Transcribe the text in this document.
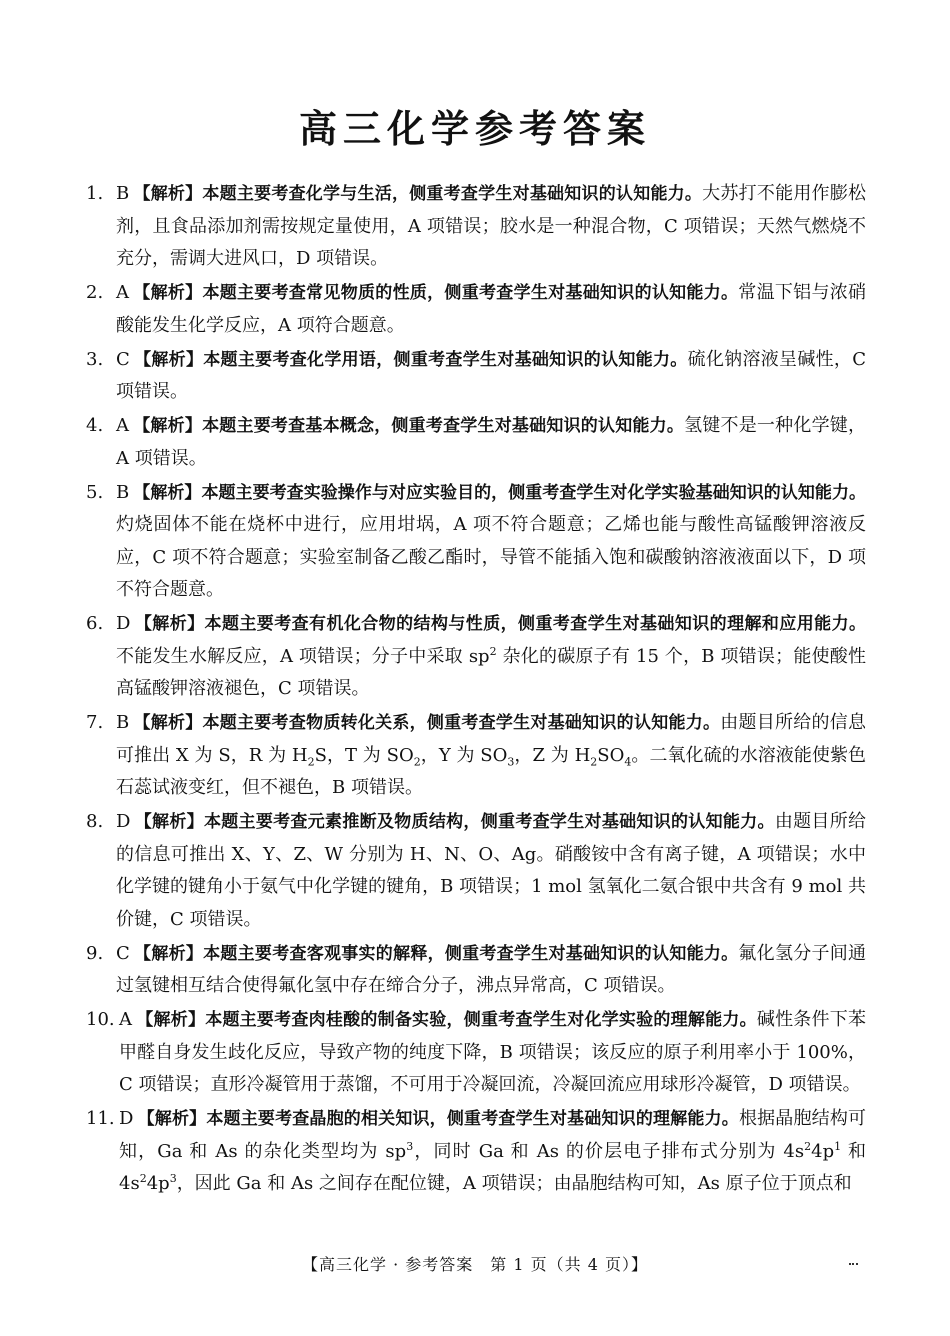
高三化学参考答案
1. B 【解析】本题主要考查化学与生活，侧重考查学生对基础知识的认知能力。大苏打不能用作膨松剂，且食品添加剂需按规定量使用，A 项错误；胶水是一种混合物，C 项错误；天然气燃烧不充分，需调大进风口，D 项错误。
2. A 【解析】本题主要考查常见物质的性质，侧重考查学生对基础知识的认知能力。常温下铝与浓硝酸能发生化学反应，A 项符合题意。
3. C 【解析】本题主要考查化学用语，侧重考查学生对基础知识的认知能力。硫化钠溶液呈碱性，C 项错误。
4. A 【解析】本题主要考查基本概念，侧重考查学生对基础知识的认知能力。氢键不是一种化学键，A 项错误。
5. B 【解析】本题主要考查实验操作与对应实验目的，侧重考查学生对化学实验基础知识的认知能力。灼烧固体不能在烧杯中进行，应用坩埚，A 项不符合题意；乙烯也能与酸性高锰酸钾溶液反应，C 项不符合题意；实验室制备乙酸乙酯时，导管不能插入饱和碳酸钠溶液液面以下，D 项不符合题意。
6. D 【解析】本题主要考查有机化合物的结构与性质，侧重考查学生对基础知识的理解和应用能力。不能发生水解反应，A 项错误；分子中采取 $sp^2$ 杂化的碳原子有 15 个，B 项错误；能使酸性高锰酸钾溶液褪色，C 项错误。
7. B 【解析】本题主要考查物质转化关系，侧重考查学生对基础知识的认知能力。由题目所给的信息可推出 X 为 S，R 为 $H_2S$，T 为 $SO_2$，Y 为 $SO_3$，Z 为 $H_2SO_4$。二氧化硫的水溶液能使紫色石蕊试液变红，但不褪色，B 项错误。
8. D 【解析】本题主要考查元素推断及物质结构，侧重考查学生对基础知识的认知能力。由题目所给的信息可推出 X、Y、Z、W 分别为 H、N、O、Ag。硝酸铵中含有离子键，A 项错误；水中化学键的键角小于氨气中化学键的键角，B 项错误；1 mol 氢氧化二氨合银中共含有 9 mol 共价键，C 项错误。
9. C 【解析】本题主要考查客观事实的解释，侧重考查学生对基础知识的认知能力。氟化氢分子间通过氢键相互结合使得氟化氢中存在缔合分子，沸点异常高，C 项错误。
10. A 【解析】本题主要考查肉桂酸的制备实验，侧重考查学生对化学实验的理解能力。碱性条件下苯甲醛自身发生歧化反应，导致产物的纯度下降，B 项错误；该反应的原子利用率小于 100%，C 项错误；直形冷凝管用于蒸馏，不可用于冷凝回流，冷凝回流应用球形冷凝管，D 项错误。
11. D 【解析】本题主要考查晶胞的相关知识，侧重考查学生对基础知识的理解能力。根据晶胞结构可知，Ga 和 As 的杂化类型均为 $sp^3$，同时 Ga 和 As 的价层电子排布式分别为 $4s^24p^1$ 和 $4s^24p^3$，因此 Ga 和 As 之间存在配位键，A 项错误；由晶胞结构可知，As 原子位于顶点和
【高三化学 · 参考答案　第 1 页（共 4 页）】
